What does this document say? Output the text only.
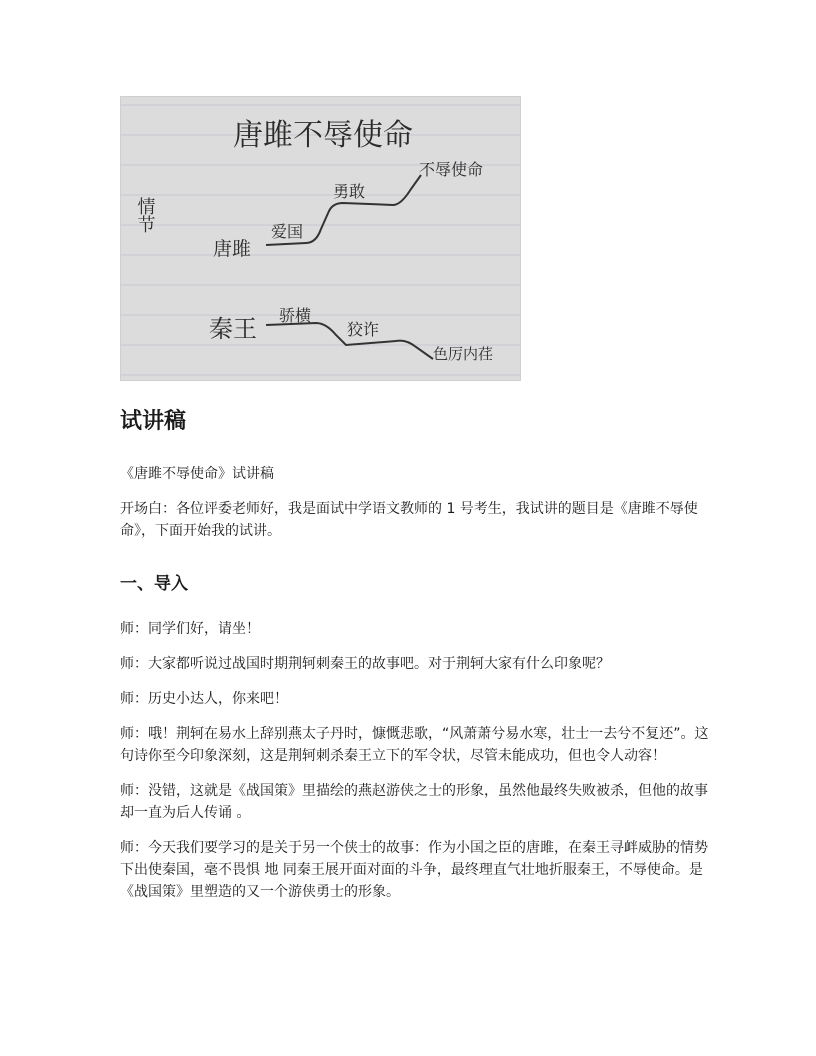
唐雎不辱使命
情节
唐雎
爱国
勇敢
不辱使命
秦王 骄横
狡诈
色厉内荏
试讲稿

《唐雎不辱使命》试讲稿

开场白：各位评委老师好，我是面试中学语文教师的 1 号考生，我试讲的题目是《唐雎不辱使命》，下面开始我的试讲。

一、导入

师：同学们好，请坐！

师：大家都听说过战国时期荆轲刺秦王的故事吧。对于荆轲大家有什么印象呢？

师：历史小达人，你来吧！

师：哦！荆轲在易水上辞别燕太子丹时，慷慨悲歌，“风萧萧兮易水寒，壮士一去兮不复还”。这句诗你至今印象深刻，这是荆轲刺杀秦王立下的军令状，尽管未能成功，但也令人动容！

师：没错，这就是《战国策》里描绘的燕赵游侠之士的形象，虽然他最终失败被杀，但他的故事却一直为后人传诵 。

师：今天我们要学习的是关于另一个侠士的故事：作为小国之臣的唐雎，在秦王寻衅威胁的情势下出使秦国，毫不畏惧 地 同秦王展开面对面的斗争，最终理直气壮地折服秦王，不辱使命。是《战国策》里塑造的又一个游侠勇士的形象。
